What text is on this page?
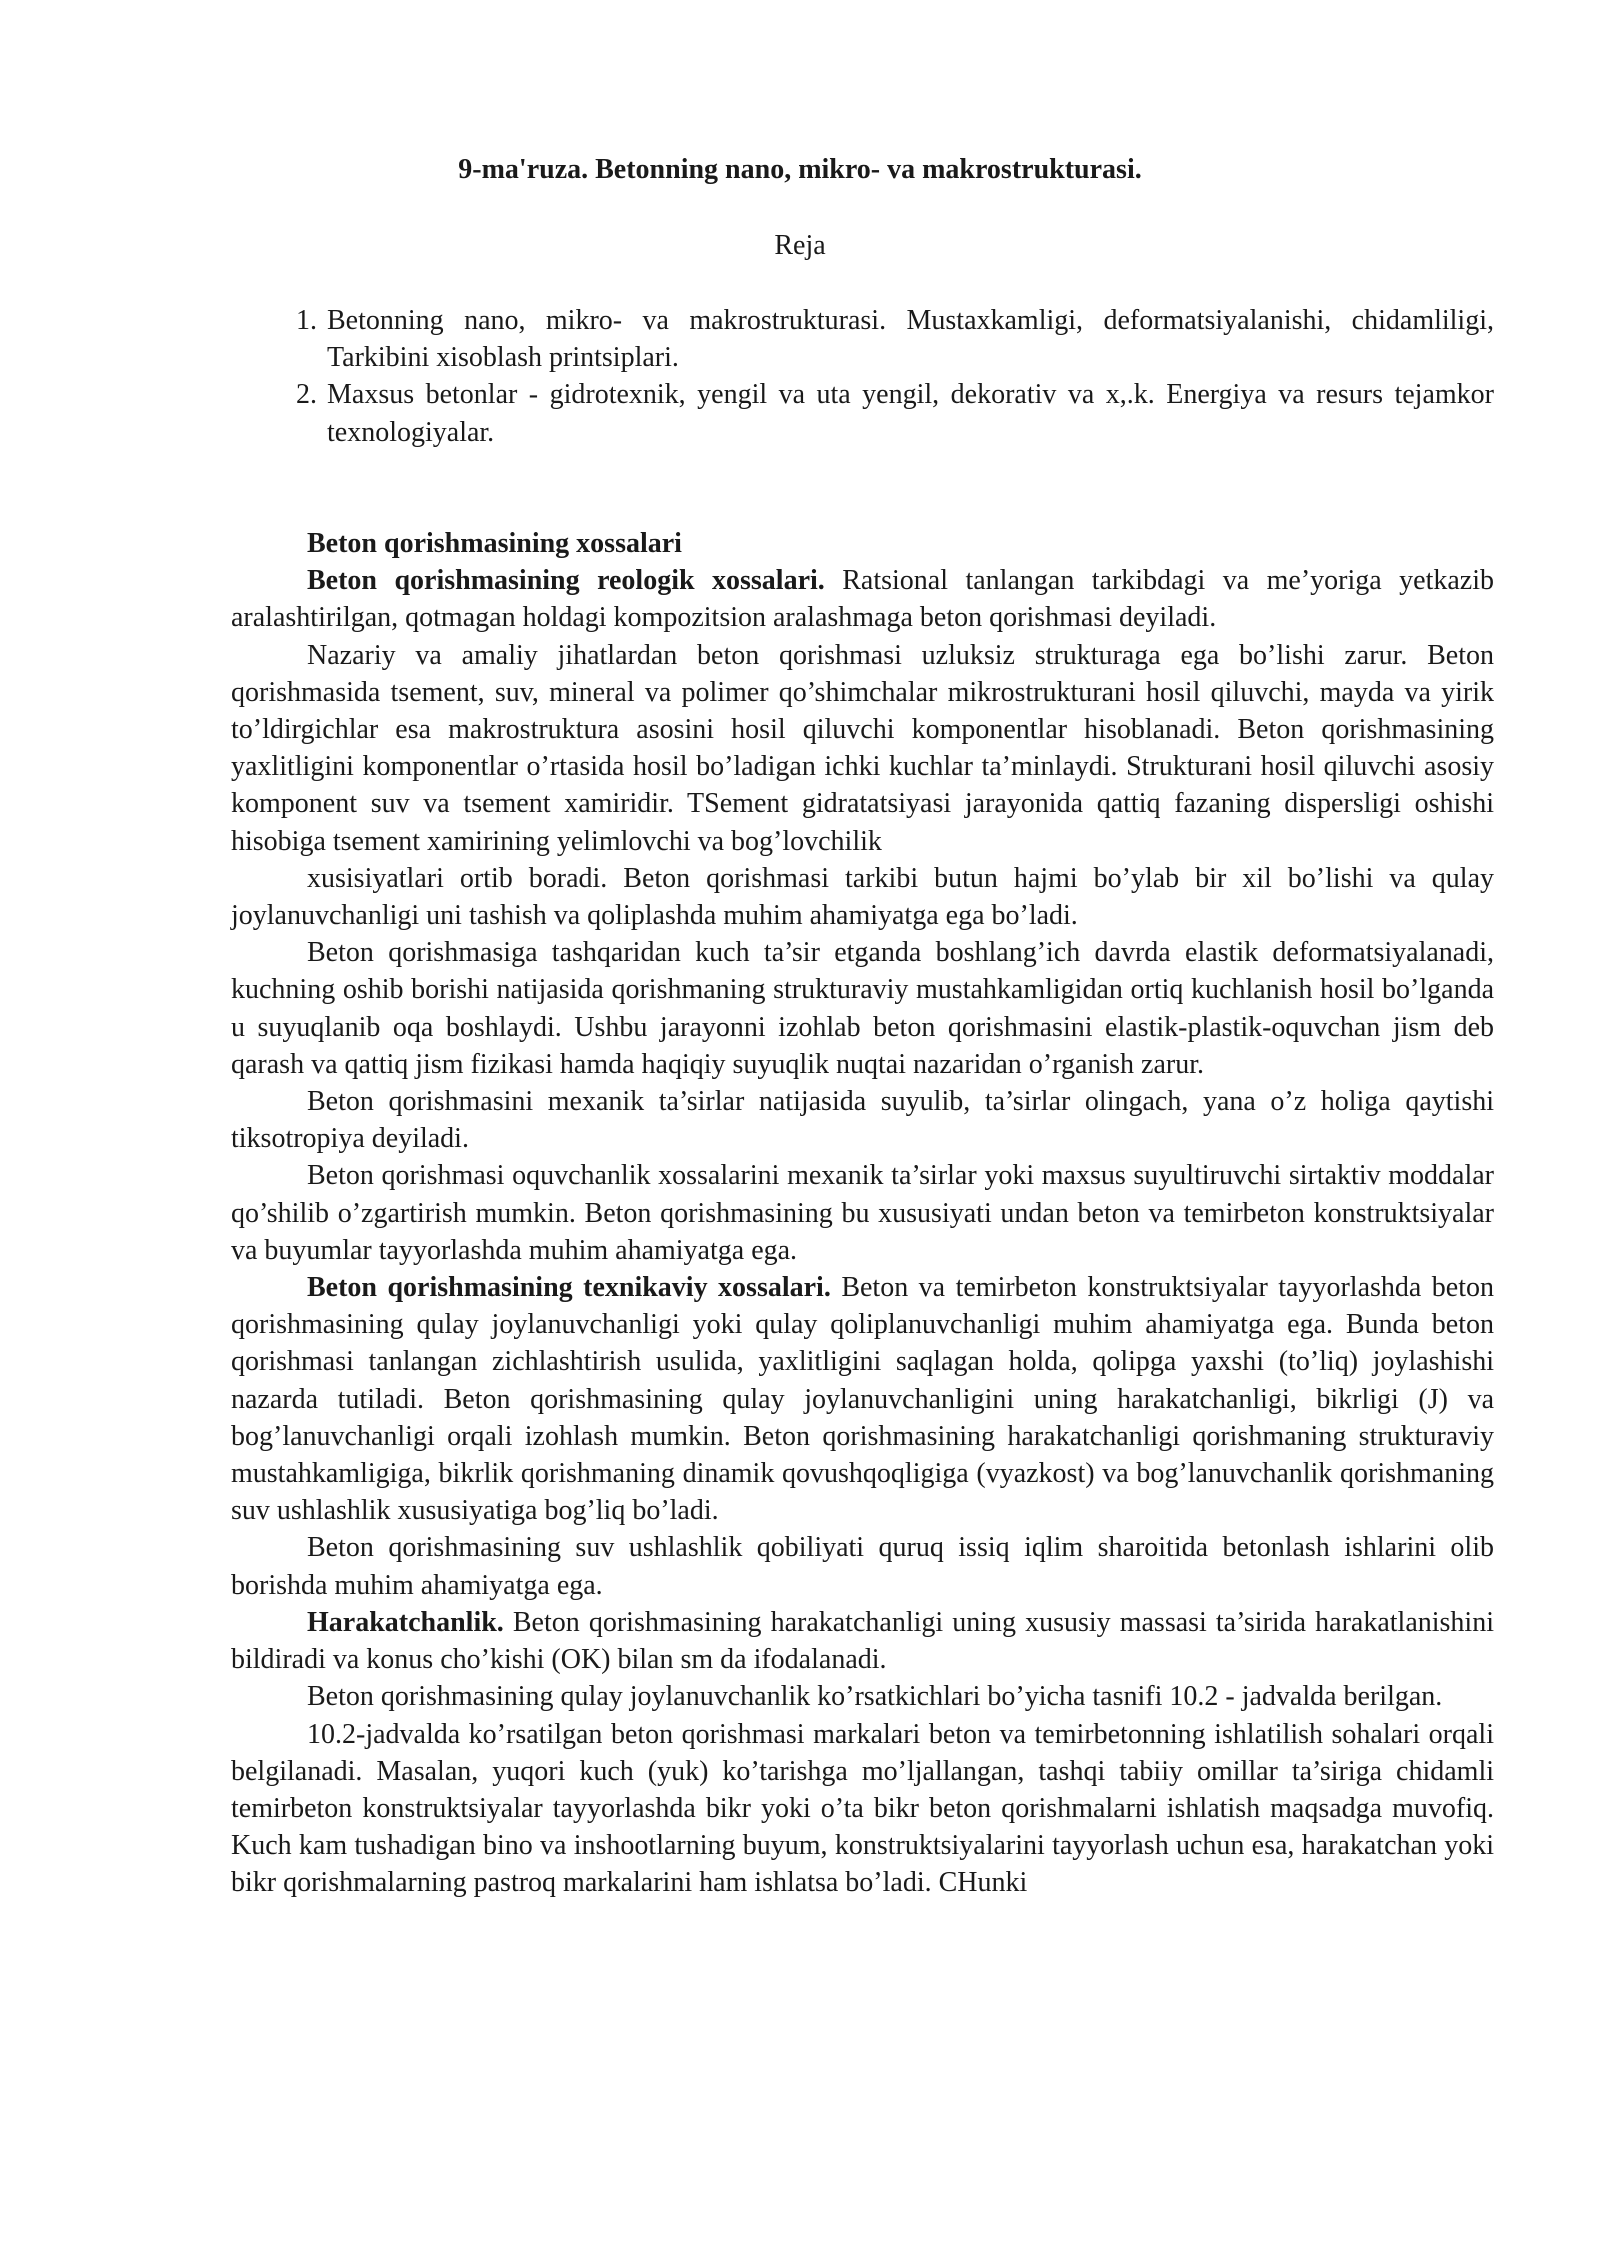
9-ma'ruza. Betonning nano, mikro- va makrostrukturasi.
Reja
1. Betonning nano, mikro- va makrostrukturasi. Mustaxkamligi, deformatsiyalanishi, chidamliligi, Tarkibini xisoblash printsiplari.
2. Maxsus betonlar - gidrotexnik, yengil va uta yengil, dekorativ va x,.k. Energiya va resurs tejamkor texnologiyalar.

Beton qorishmasining xossalari

Beton qorishmasining reologik xossalari. Ratsional tanlangan tarkibdagi va me’yoriga yetkazib aralashtirilgan, qotmagan holdagi kompozitsion aralashmaga beton qorishmasi deyiladi.

Nazariy va amaliy jihatlardan beton qorishmasi uzluksiz strukturaga ega bo’lishi zarur. Beton qorishmasida tsement, suv, mineral va polimer qo’shimchalar mikrostrukturani hosil qiluvchi, mayda va yirik to’ldirgichlar esa makrostruktura asosini hosil qiluvchi komponentlar hisoblanadi. Beton qorishmasining yaxlitligini komponentlar o’rtasida hosil bo’ladigan ichki kuchlar ta’minlaydi. Strukturani hosil qiluvchi asosiy komponent suv va tsement xamiridir. TSement gidratatsiyasi jarayonida qattiq fazaning dispersligi oshishi hisobiga tsement xamirining yelimlovchi va bog’lovchilik

xusisiyatlari ortib boradi. Beton qorishmasi tarkibi butun hajmi bo’ylab bir xil bo’lishi va qulay joylanuvchanligi uni tashish va qoliplashda muhim ahamiyatga ega bo’ladi.

Beton qorishmasiga tashqaridan kuch ta’sir etganda boshlang’ich davrda elastik deformatsiyalanadi, kuchning oshib borishi natijasida qorishmaning strukturaviy mustahkamligidan ortiq kuchlanish hosil bo’lganda u suyuqlanib oqa boshlaydi. Ushbu jarayonni izohlab beton qorishmasini elastik-plastik-oquvchan jism deb qarash va qattiq jism fizikasi hamda haqiqiy suyuqlik nuqtai nazaridan o’rganish zarur.

Beton qorishmasini mexanik ta’sirlar natijasida suyulib, ta’sirlar olingach, yana o’z holiga qaytishi tiksotropiya deyiladi.

Beton qorishmasi oquvchanlik xossalarini mexanik ta’sirlar yoki maxsus suyultiruvchi sirtaktiv moddalar qo’shilib o’zgartirish mumkin. Beton qorishmasining bu xususiyati undan beton va temirbeton konstruktsiyalar va buyumlar tayyorlashda muhim ahamiyatga ega.

Beton qorishmasining texnikaviy xossalari. Beton va temirbeton konstruktsiyalar tayyorlashda beton qorishmasining qulay joylanuvchanligi yoki qulay qoliplanuvchanligi muhim ahamiyatga ega. Bunda beton qorishmasi tanlangan zichlashtirish usulida, yaxlitligini saqlagan holda, qolipga yaxshi (to’liq) joylashishi nazarda tutiladi. Beton qorishmasining qulay joylanuvchanligini uning harakatchanligi, bikrligi (J) va bog’lanuvchanligi orqali izohlash mumkin. Beton qorishmasining harakatchanligi qorishmaning strukturaviy mustahkamligiga, bikrlik qorishmaning dinamik qovushqoqligiga (vyazkost) va bog’lanuvchanlik qorishmaning suv ushlashlik xususiyatiga bog’liq bo’ladi.

Beton qorishmasining suv ushlashlik qobiliyati quruq issiq iqlim sharoitida betonlash ishlarini olib borishda muhim ahamiyatga ega.

Harakatchanlik. Beton qorishmasining harakatchanligi uning xususiy massasi ta’sirida harakatlanishini bildiradi va konus cho’kishi (OK) bilan sm da ifodalanadi.

Beton qorishmasining qulay joylanuvchanlik ko’rsatkichlari bo’yicha tasnifi 10.2 - jadvalda berilgan.

10.2-jadvalda ko’rsatilgan beton qorishmasi markalari beton va temirbetonning ishlatilish sohalari orqali belgilanadi. Masalan, yuqori kuch (yuk) ko’tarishga mo’ljallangan, tashqi tabiiy omillar ta’siriga chidamli temirbeton konstruktsiyalar tayyorlashda bikr yoki o’ta bikr beton qorishmalarni ishlatish maqsadga muvofiq. Kuch kam tushadigan bino va inshootlarning buyum, konstruktsiyalarini tayyorlash uchun esa, harakatchan yoki bikr qorishmalarning pastroq markalarini ham ishlatsa bo’ladi. CHunki
